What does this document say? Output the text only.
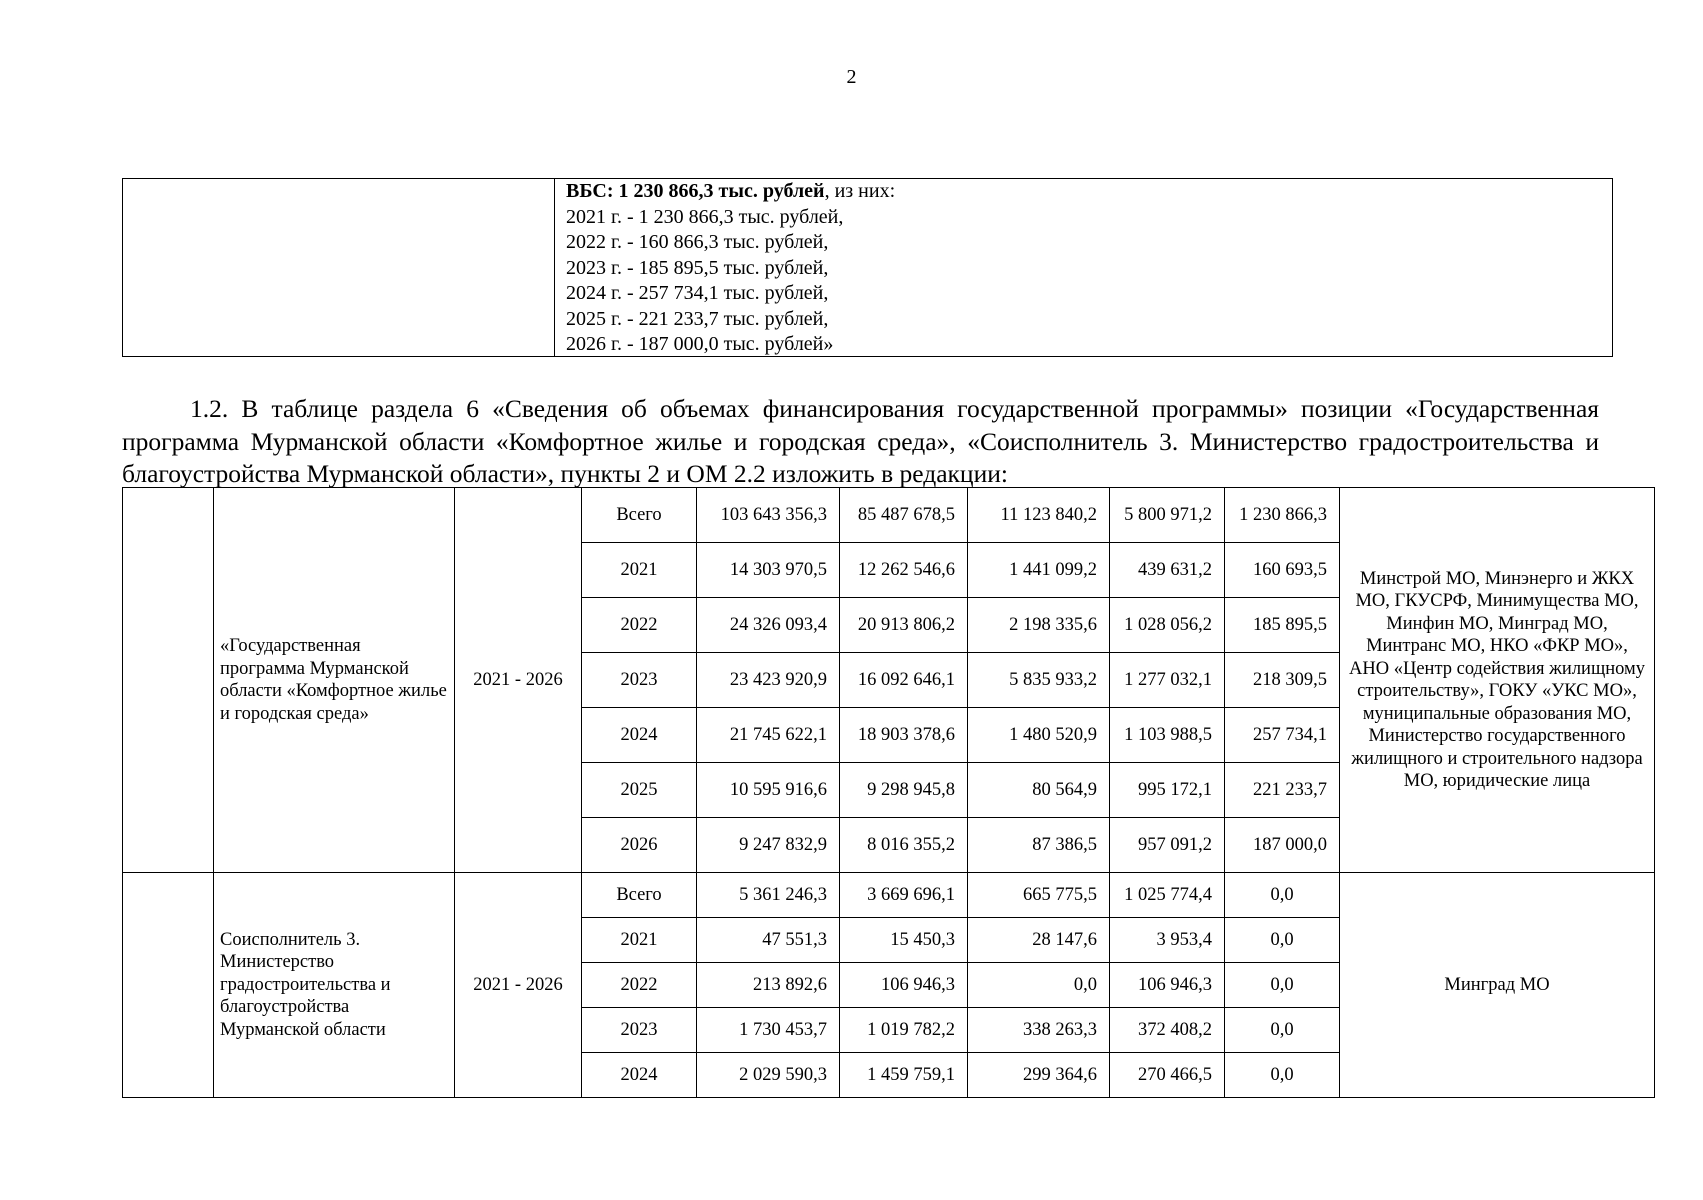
2
ВБС: 1 230 866,3 тыс. рублей, из них:
2021 г. - 1 230 866,3 тыс. рублей,
2022 г. - 160 866,3 тыс. рублей,
2023 г. - 185 895,5 тыс. рублей,
2024 г. - 257 734,1 тыс. рублей,
2025 г. - 221 233,7 тыс. рублей,
2026 г. - 187 000,0 тыс. рублей»
1.2. В таблице раздела 6 «Сведения об объемах финансирования государственной программы» позиции «Государственная программа Мурманской области «Комфортное жилье и городская среда», «Соисполнитель 3. Министерство градостроительства и благоустройства Мурманской области», пункты 2 и ОМ 2.2 изложить в редакции:
	«Государственная программа Мурманской области «Комфортное жилье и городская среда»	2021 - 2026	Всего	103 643 356,3	85 487 678,5	11 123 840,2	5 800 971,2	1 230 866,3	Минстрой МО, Минэнерго и ЖКХ МО, ГКУСРФ, Минимущества МО, Минфин МО, Минград МО, Минтранс МО, НКО «ФКР МО», АНО «Центр содействия жилищному строительству», ГОКУ «УКС МО», муниципальные образования МО, Министерство государственного жилищного и строительного надзора МО, юридические лица
			2021	14 303 970,5	12 262 546,6	1 441 099,2	439 631,2	160 693,5	
			2022	24 326 093,4	20 913 806,2	2 198 335,6	1 028 056,2	185 895,5	
			2023	23 423 920,9	16 092 646,1	5 835 933,2	1 277 032,1	218 309,5	
			2024	21 745 622,1	18 903 378,6	1 480 520,9	1 103 988,5	257 734,1	
			2025	10 595 916,6	9 298 945,8	80 564,9	995 172,1	221 233,7	
			2026	9 247 832,9	8 016 355,2	87 386,5	957 091,2	187 000,0	
	Соисполнитель 3. Министерство градостроительства и благоустройства Мурманской области	2021 - 2026	Всего	5 361 246,3	3 669 696,1	665 775,5	1 025 774,4	0,0	Минград МО
			2021	47 551,3	15 450,3	28 147,6	3 953,4	0,0	
			2022	213 892,6	106 946,3	0,0	106 946,3	0,0	
			2023	1 730 453,7	1 019 782,2	338 263,3	372 408,2	0,0	
			2024	2 029 590,3	1 459 759,1	299 364,6	270 466,5	0,0	
